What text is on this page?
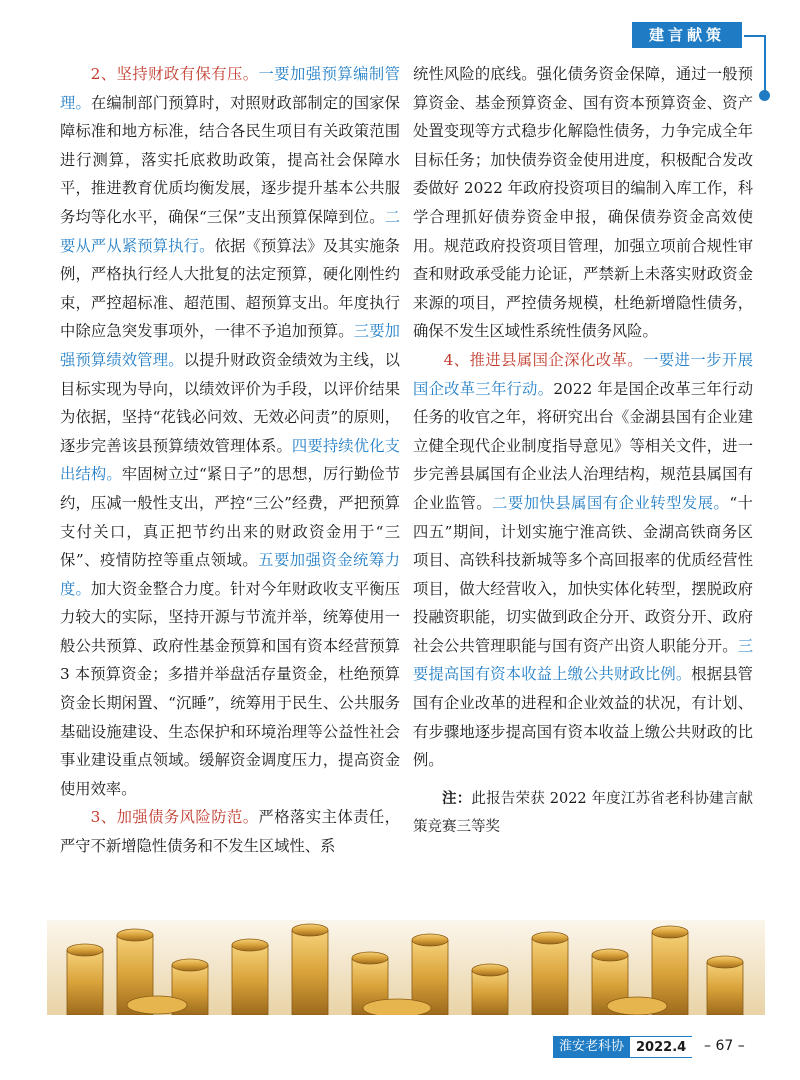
建言献策

2、坚持财政有保有压。一要加强预算编制管理。在编制部门预算时，对照财政部制定的国家保障标准和地方标准，结合各民生项目有关政策范围进行测算，落实托底救助政策，提高社会保障水平，推进教育优质均衡发展，逐步提升基本公共服务均等化水平，确保“三保”支出预算保障到位。二要从严从紧预算执行。依据《预算法》及其实施条例，严格执行经人大批复的法定预算，硬化刚性约束，严控超标准、超范围、超预算支出。年度执行中除应急突发事项外，一律不予追加预算。三要加强预算绩效管理。以提升财政资金绩效为主线，以目标实现为导向，以绩效评价为手段，以评价结果为依据，坚持“花钱必问效、无效必问责”的原则，逐步完善该县预算绩效管理体系。四要持续优化支出结构。牢固树立过“紧日子”的思想，厉行勤俭节约，压减一般性支出，严控“三公”经费，严把预算支付关口，真正把节约出来的财政资金用于“三保”、疫情防控等重点领域。五要加强资金统筹力度。加大资金整合力度。针对今年财政收支平衡压力较大的实际，坚持开源与节流并举，统筹使用一般公共预算、政府性基金预算和国有资本经营预算 3 本预算资金；多措并举盘活存量资金，杜绝预算资金长期闲置、“沉睡”，统筹用于民生、公共服务基础设施建设、生态保护和环境治理等公益性社会事业建设重点领域。缓解资金调度压力，提高资金使用效率。

3、加强债务风险防范。严格落实主体责任，严守不新增隐性债务和不发生区域性、系

统性风险的底线。强化债务资金保障，通过一般预算资金、基金预算资金、国有资本预算资金、资产处置变现等方式稳步化解隐性债务，力争完成全年目标任务；加快债券资金使用进度，积极配合发改委做好 2022 年政府投资项目的编制入库工作，科学合理抓好债券资金申报，确保债券资金高效使用。规范政府投资项目管理，加强立项前合规性审查和财政承受能力论证，严禁新上未落实财政资金来源的项目，严控债务规模，杜绝新增隐性债务，确保不发生区域性系统性债务风险。

4、推进县属国企深化改革。一要进一步开展国企改革三年行动。2022 年是国企改革三年行动任务的收官之年，将研究出台《金湖县国有企业建立健全现代企业制度指导意见》等相关文件，进一步完善县属国有企业法人治理结构，规范县属国有企业监管。二要加快县属国有企业转型发展。“十四五”期间，计划实施宁淮高铁、金湖高铁商务区项目、高铁科技新城等多个高回报率的优质经营性项目，做大经营收入，加快实体化转型，摆脱政府投融资职能，切实做到政企分开、政资分开、政府社会公共管理职能与国有资产出资人职能分开。三要提高国有资本收益上缴公共财政比例。根据县管国有企业改革的进程和企业效益的状况，有计划、有步骤地逐步提高国有资本收益上缴公共财政的比例。

注：此报告荣获 2022 年度江苏省老科协建言献策竞赛三等奖

淮安老科协 2022.4	– 67 –
